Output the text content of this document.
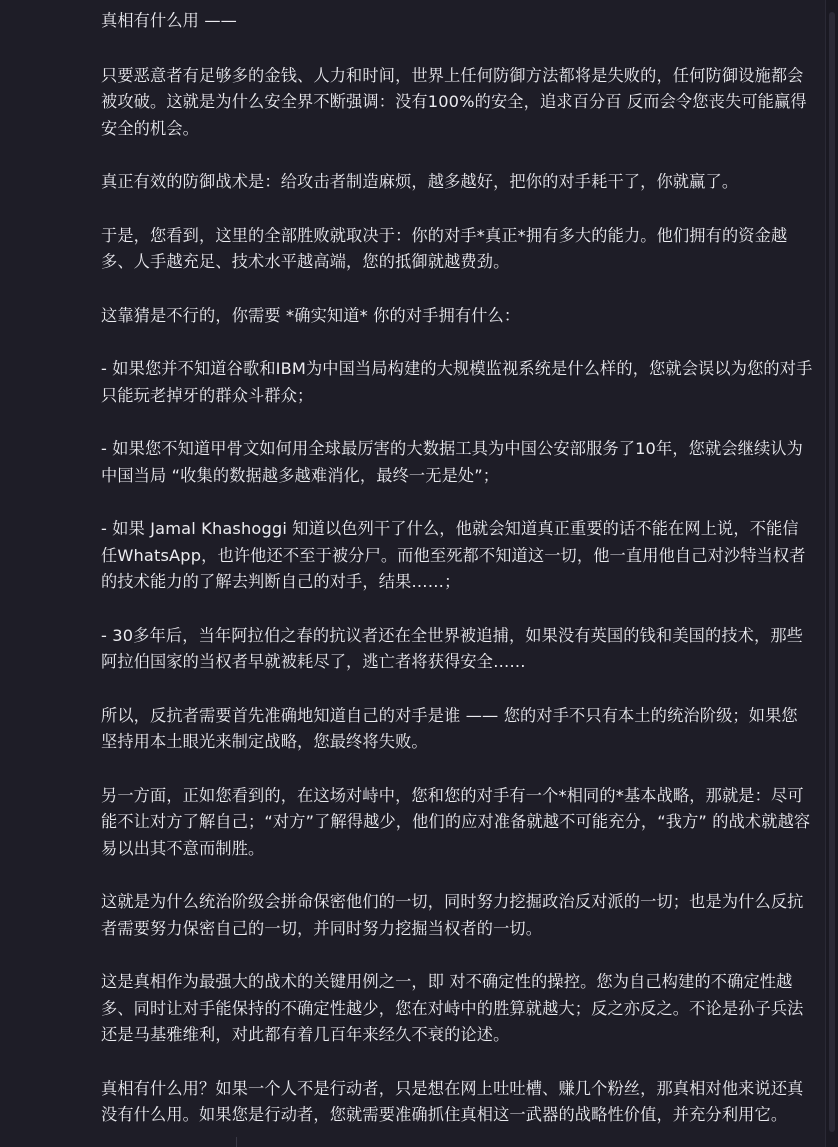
真相有什么用 ——

只要恶意者有足够多的金钱、人力和时间，世界上任何防御方法都将是失败的，任何防御设施都会被攻破。这就是为什么安全界不断强调：没有100%的安全，追求百分百 反而会令您丧失可能赢得安全的机会。

真正有效的防御战术是：给攻击者制造麻烦，越多越好，把你的对手耗干了，你就赢了。

于是，您看到，这里的全部胜败就取决于：你的对手*真正*拥有多大的能力。他们拥有的资金越多、人手越充足、技术水平越高端，您的抵御就越费劲。

这靠猜是不行的，你需要 *确实知道* 你的对手拥有什么：

- 如果您并不知道谷歌和IBM为中国当局构建的大规模监视系统是什么样的，您就会误以为您的对手只能玩老掉牙的群众斗群众；

- 如果您不知道甲骨文如何用全球最厉害的大数据工具为中国公安部服务了10年，您就会继续认为中国当局 “收集的数据越多越难消化，最终一无是处”；

- 如果 Jamal Khashoggi 知道以色列干了什么，他就会知道真正重要的话不能在网上说，不能信任WhatsApp，也许他还不至于被分尸。而他至死都不知道这一切，他一直用他自己对沙特当权者的技术能力的了解去判断自己的对手，结果……；

- 30多年后，当年阿拉伯之春的抗议者还在全世界被追捕，如果没有英国的钱和美国的技术，那些阿拉伯国家的当权者早就被耗尽了，逃亡者将获得安全……

所以，反抗者需要首先准确地知道自己的对手是谁 —— 您的对手不只有本土的统治阶级；如果您坚持用本土眼光来制定战略，您最终将失败。

另一方面，正如您看到的，在这场对峙中，您和您的对手有一个*相同的*基本战略，那就是：尽可能不让对方了解自己；“对方”了解得越少，他们的应对准备就越不可能充分，“我方” 的战术就越容易以出其不意而制胜。

这就是为什么统治阶级会拼命保密他们的一切，同时努力挖掘政治反对派的一切；也是为什么反抗者需要努力保密自己的一切，并同时努力挖掘当权者的一切。

这是真相作为最强大的战术的关键用例之一，即 对不确定性的操控。您为自己构建的不确定性越多、同时让对手能保持的不确定性越少，您在对峙中的胜算就越大；反之亦反之。不论是孙子兵法还是马基雅维利，对此都有着几百年来经久不衰的论述。

真相有什么用？如果一个人不是行动者，只是想在网上吐吐槽、赚几个粉丝，那真相对他来说还真没有什么用。如果您是行动者，您就需要准确抓住真相这一武器的战略性价值，并充分利用它。
